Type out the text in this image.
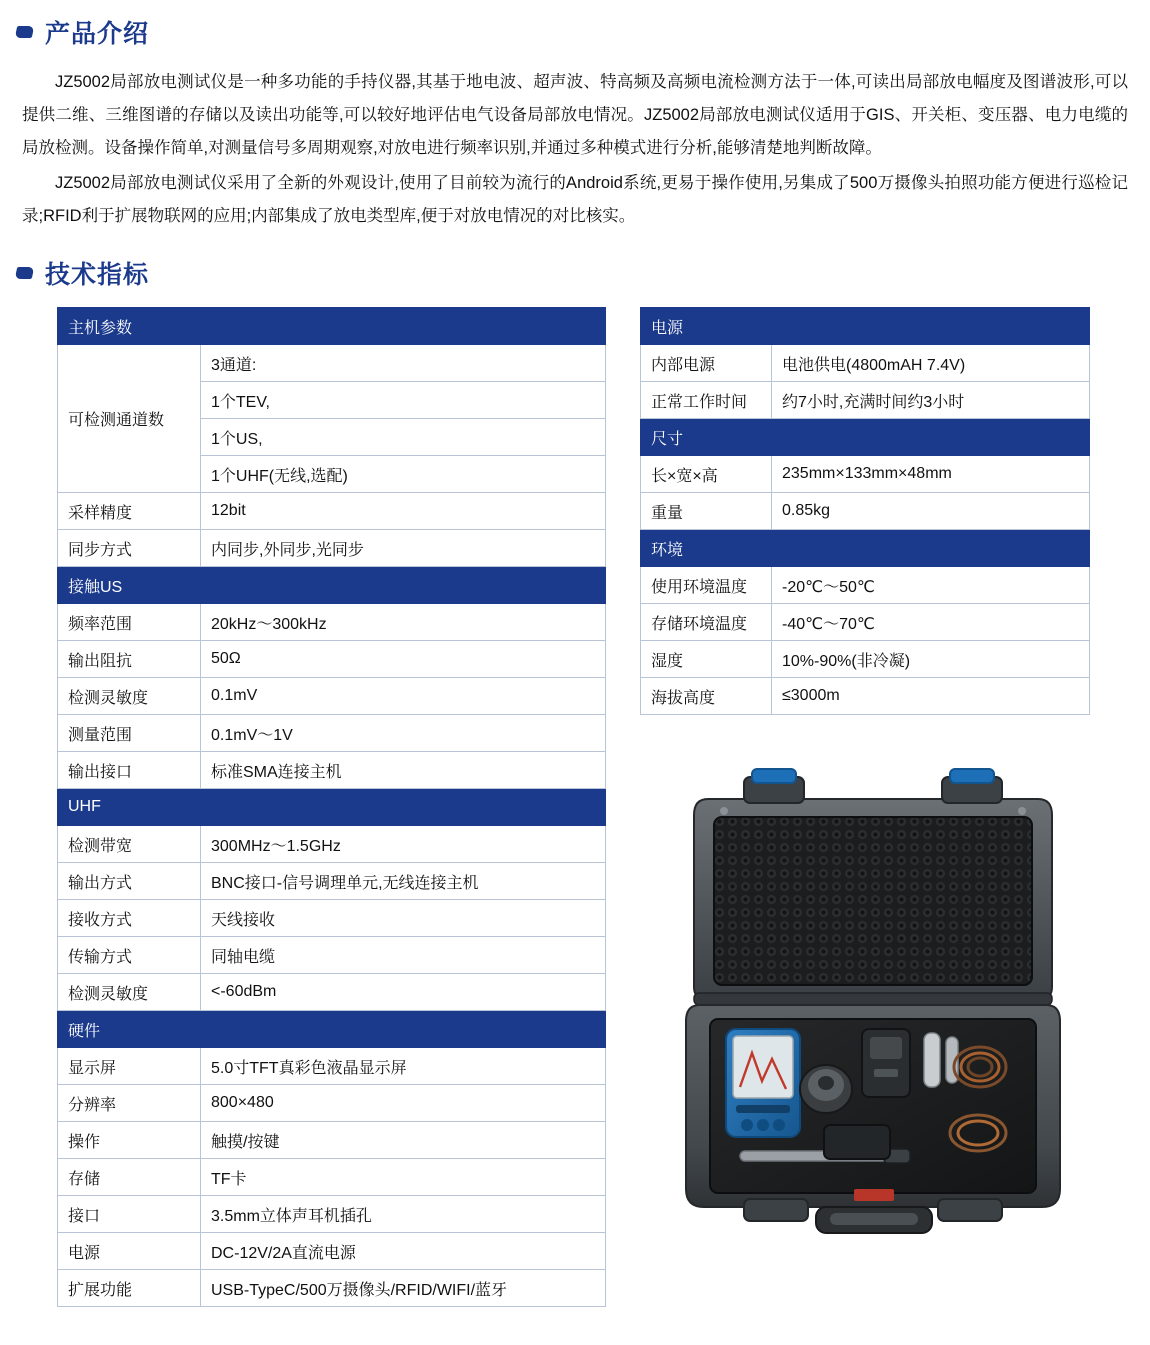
产品介绍

JZ5002局部放电测试仪是一种多功能的手持仪器,其基于地电波、超声波、特高频及高频电流检测方法于一体,可读出局部放电幅度及图谱波形,可以提供二维、三维图谱的存储以及读出功能等,可以较好地评估电气设备局部放电情况。JZ5002局部放电测试仪适用于GIS、开关柜、变压器、电力电缆的局放检测。设备操作简单,对测量信号多周期观察,对放电进行频率识别,并通过多种模式进行分析,能够清楚地判断故障。

JZ5002局部放电测试仪采用了全新的外观设计,使用了目前较为流行的Android系统,更易于操作使用,另集成了500万摄像头拍照功能方便进行巡检记录;RFID利于扩展物联网的应用;内部集成了放电类型库,便于对放电情况的对比核实。

技术指标
主机参数	
可检测通道数	3通道:
	1个TEV,
	1个US,
	1个UHF(无线,选配)
采样精度	12bit
同步方式	内同步,外同步,光同步
接触US	
频率范围	20kHz～300kHz
输出阻抗	50Ω
检测灵敏度	0.1mV
测量范围	0.1mV～1V
输出接口	标准SMA连接主机
UHF	
检测带宽	300MHz～1.5GHz
输出方式	BNC接口-信号调理单元,无线连接主机
接收方式	天线接收
传输方式	同轴电缆
检测灵敏度	<-60dBm
硬件	
显示屏	5.0寸TFT真彩色液晶显示屏
分辨率	800×480
操作	触摸/按键
存储	TF卡
接口	3.5mm立体声耳机插孔
电源	DC-12V/2A直流电源
扩展功能	USB-TypeC/500万摄像头/RFID/WIFI/蓝牙
电源	
内部电源	电池供电(4800mAH 7.4V)
正常工作时间	约7小时,充满时间约3小时
尺寸	
长×宽×高	235mm×133mm×48mm
重量	0.85kg
环境	
使用环境温度	-20℃～50℃
存储环境温度	-40℃～70℃
湿度	10%-90%(非冷凝)
海拔高度	≤3000m
